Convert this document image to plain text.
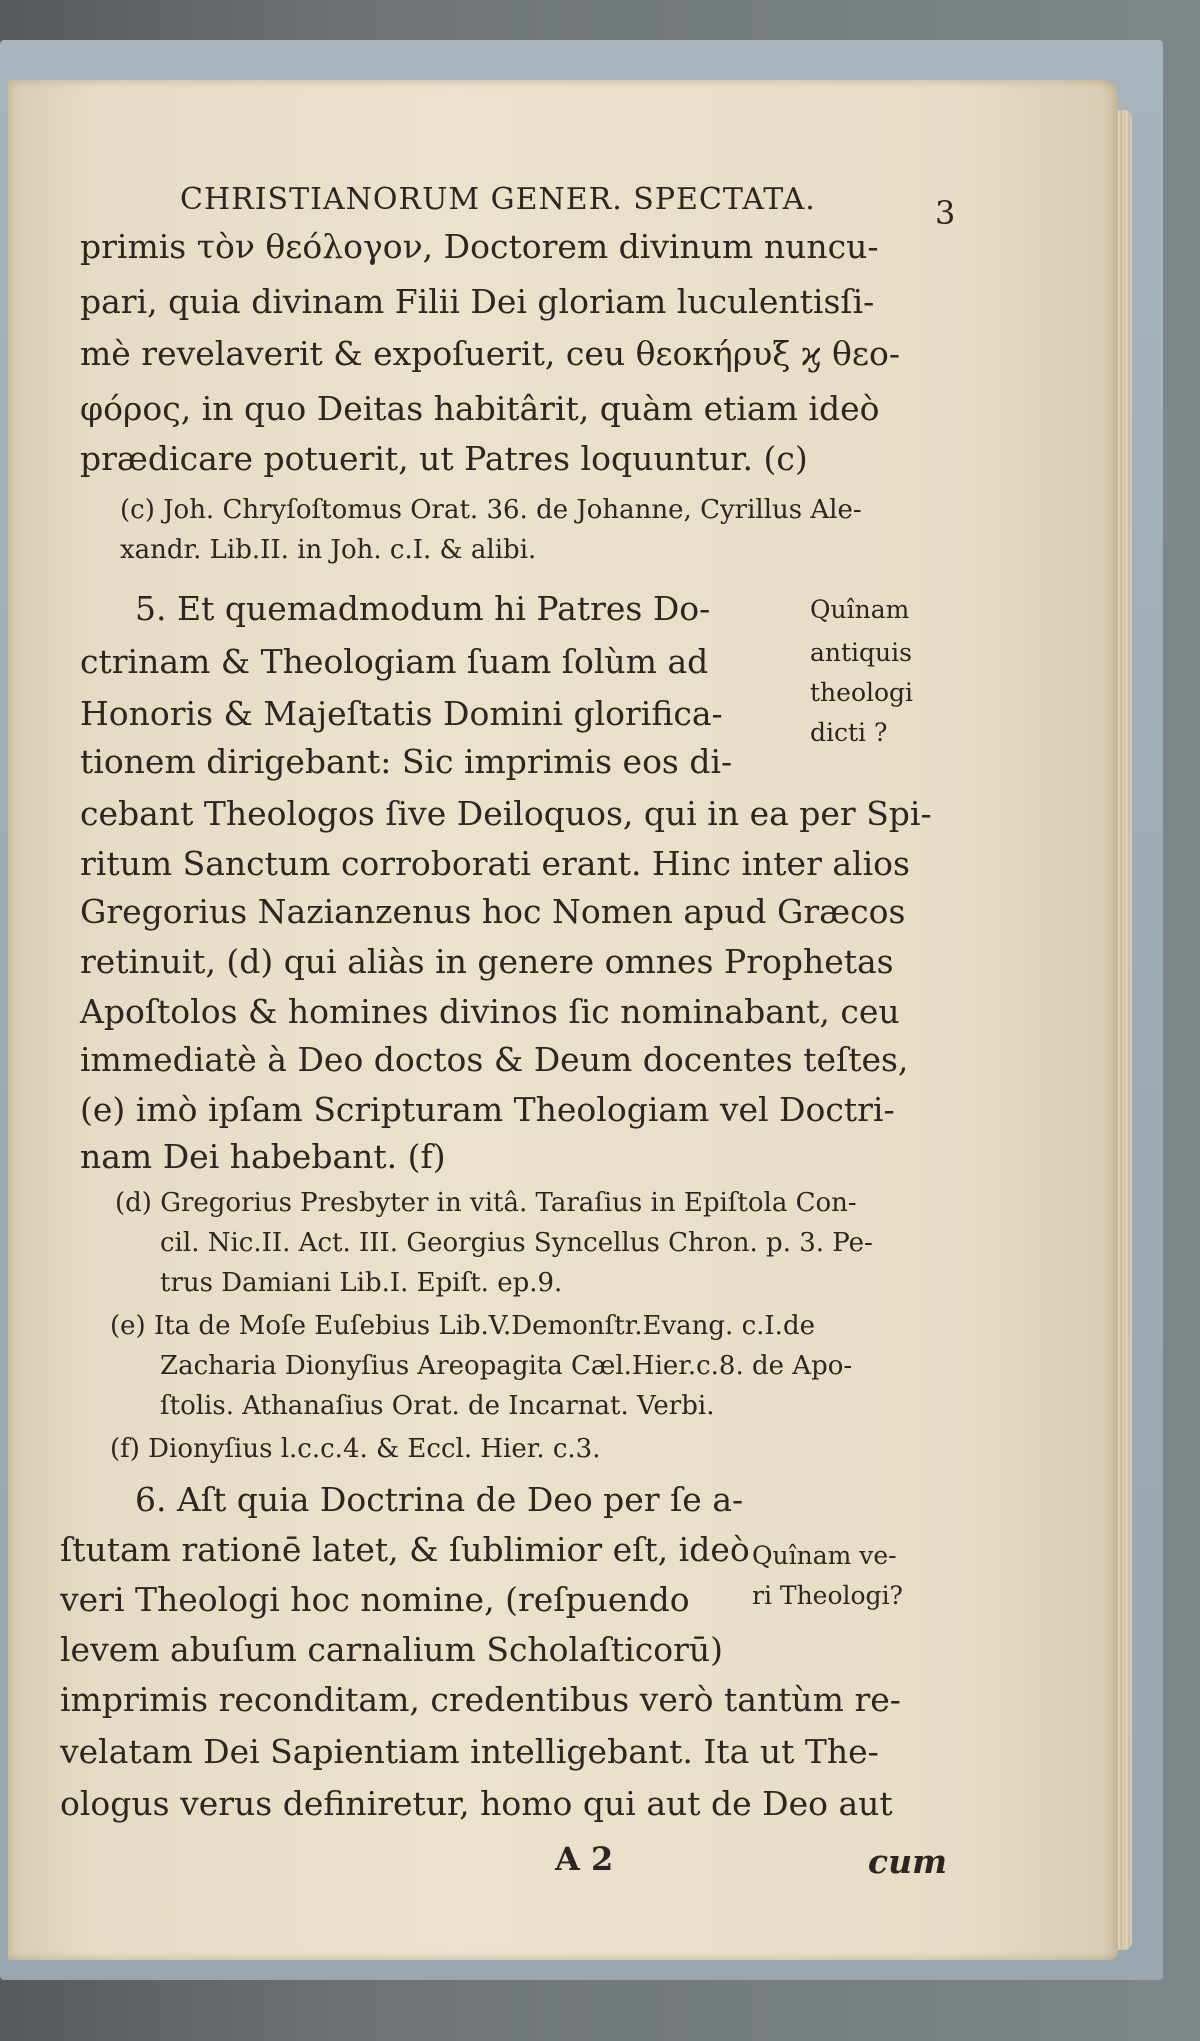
CHRISTIANORUM GENER. SPECTATA.	3
primis τὸν θεόλογον, Doctorem divinum nuncu-
pari, quia divinam Filii Dei gloriam luculentisſi-
mè revelaverit & expoſuerit, ceu θεοκήρυξ ϗ θεο-
φόρος, in quo Deitas habitârit, quàm etiam ideò
prædicare potuerit, ut Patres loquuntur. (c)
(c) Joh. Chryſoſtomus Orat. 36. de Johanne, Cyrillus Ale-
xandr. Lib.II. in Joh. c.I. & alibi.
5. Et quemadmodum hi Patres Do-
ctrinam & Theologiam ſuam ſolùm ad
Honoris & Majeſtatis Domini glorifica-
tionem dirigebant: Sic imprimis eos di-
cebant Theologos ſive Deiloquos, qui in ea per Spi-
ritum Sanctum corroborati erant. Hinc inter alios
Gregorius Nazianzenus hoc Nomen apud Græcos
retinuit, (d) qui aliàs in genere omnes Prophetas
Apoſtolos & homines divinos ſic nominabant, ceu
immediatè à Deo doctos & Deum docentes teſtes,
(e) imò ipſam Scripturam Theologiam vel Doctri-
nam Dei habebant. (f)
Quînam
antiquis
theologi
dicti ?
(d) Gregorius Presbyter in vitâ. Taraſius in Epiſtola Con-
cil. Nic.II. Act. III. Georgius Syncellus Chron. p. 3. Pe-
trus Damiani Lib.I. Epiſt. ep.9.
(e) Ita de Moſe Euſebius Lib.V.Demonſtr.Evang. c.I.de
Zacharia Dionyſius Areopagita Cæl.Hier.c.8. de Apo-
ſtolis. Athanaſius Orat. de Incarnat. Verbi.
(f) Dionyſius l.c.c.4. & Eccl. Hier. c.3.
6. Aſt quia Doctrina de Deo per ſe a-
ſtutam rationē latet, & ſublimior eſt, ideò
veri Theologi hoc nomine, (reſpuendo
levem abuſum carnalium Scholaſticorū)
imprimis reconditam, credentibus verò tantùm re-
velatam Dei Sapientiam intelligebant. Ita ut The-
ologus verus definiretur, homo qui aut de Deo aut
Quînam ve-
ri Theologi?
A 2	cum
